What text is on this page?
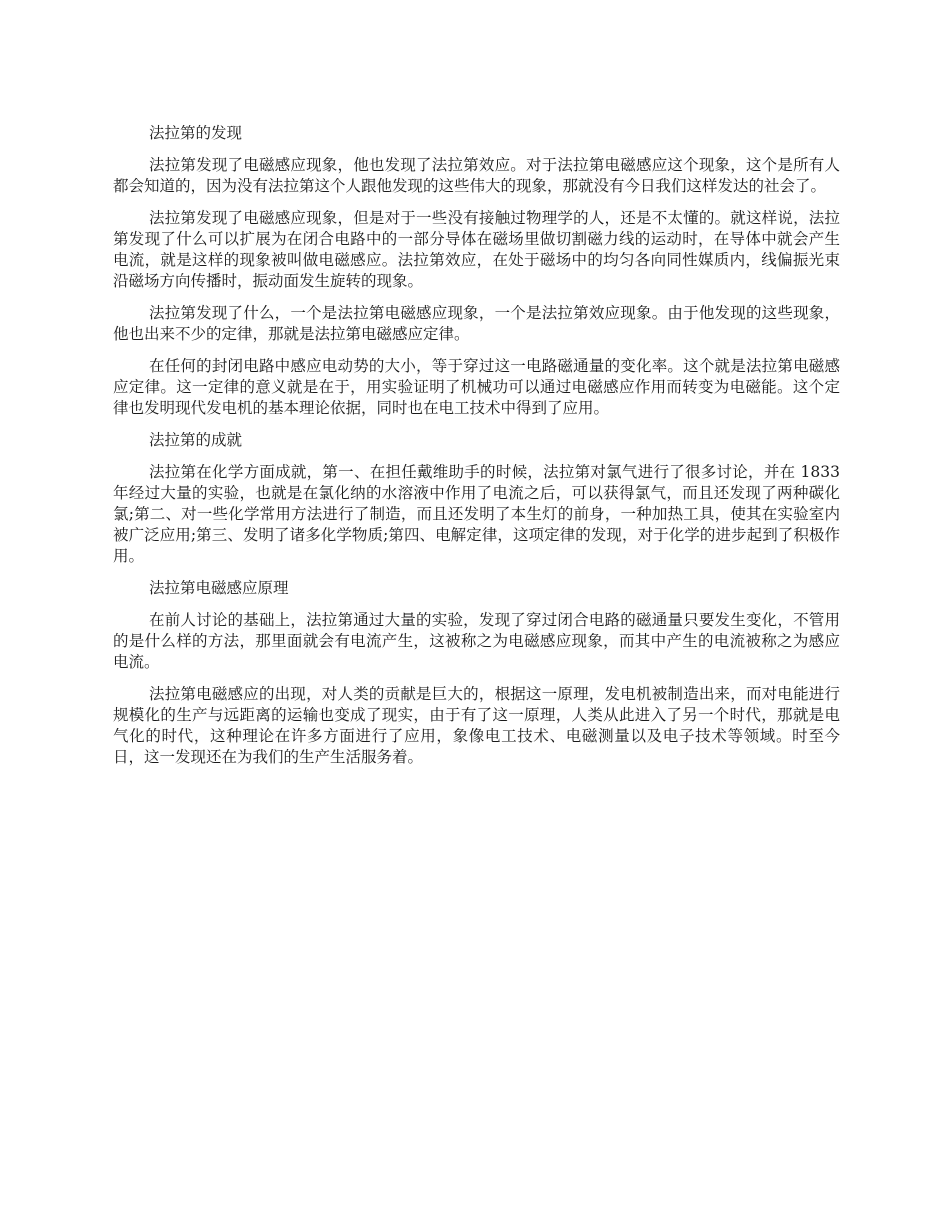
法拉第的发现

法拉第发现了电磁感应现象，他也发现了法拉第效应。对于法拉第电磁感应这个现象，这个是所有人都会知道的，因为没有法拉第这个人跟他发现的这些伟大的现象，那就没有今日我们这样发达的社会了。

法拉第发现了电磁感应现象，但是对于一些没有接触过物理学的人，还是不太懂的。就这样说，法拉第发现了什么可以扩展为在闭合电路中的一部分导体在磁场里做切割磁力线的运动时，在导体中就会产生电流，就是这样的现象被叫做电磁感应。法拉第效应，在处于磁场中的均匀各向同性媒质内，线偏振光束沿磁场方向传播时，振动面发生旋转的现象。

法拉第发现了什么，一个是法拉第电磁感应现象，一个是法拉第效应现象。由于他发现的这些现象，他也出来不少的定律，那就是法拉第电磁感应定律。

在任何的封闭电路中感应电动势的大小，等于穿过这一电路磁通量的变化率。这个就是法拉第电磁感应定律。这一定律的意义就是在于，用实验证明了机械功可以通过电磁感应作用而转变为电磁能。这个定律也发明现代发电机的基本理论依据，同时也在电工技术中得到了应用。

法拉第的成就

法拉第在化学方面成就，第一、在担任戴维助手的时候，法拉第对氯气进行了很多讨论，并在 1833 年经过大量的实验，也就是在氯化纳的水溶液中作用了电流之后，可以获得氯气，而且还发现了两种碳化氯;第二、对一些化学常用方法进行了制造，而且还发明了本生灯的前身，一种加热工具，使其在实验室内被广泛应用;第三、发明了诸多化学物质;第四、电解定律，这项定律的发现，对于化学的进步起到了积极作用。

法拉第电磁感应原理

在前人讨论的基础上，法拉第通过大量的实验，发现了穿过闭合电路的磁通量只要发生变化，不管用的是什么样的方法，那里面就会有电流产生，这被称之为电磁感应现象，而其中产生的电流被称之为感应电流。

法拉第电磁感应的出现，对人类的贡献是巨大的，根据这一原理，发电机被制造出来，而对电能进行规模化的生产与远距离的运输也变成了现实，由于有了这一原理，人类从此进入了另一个时代，那就是电气化的时代，这种理论在许多方面进行了应用，象像电工技术、电磁测量以及电子技术等领域。时至今日，这一发现还在为我们的生产生活服务着。
